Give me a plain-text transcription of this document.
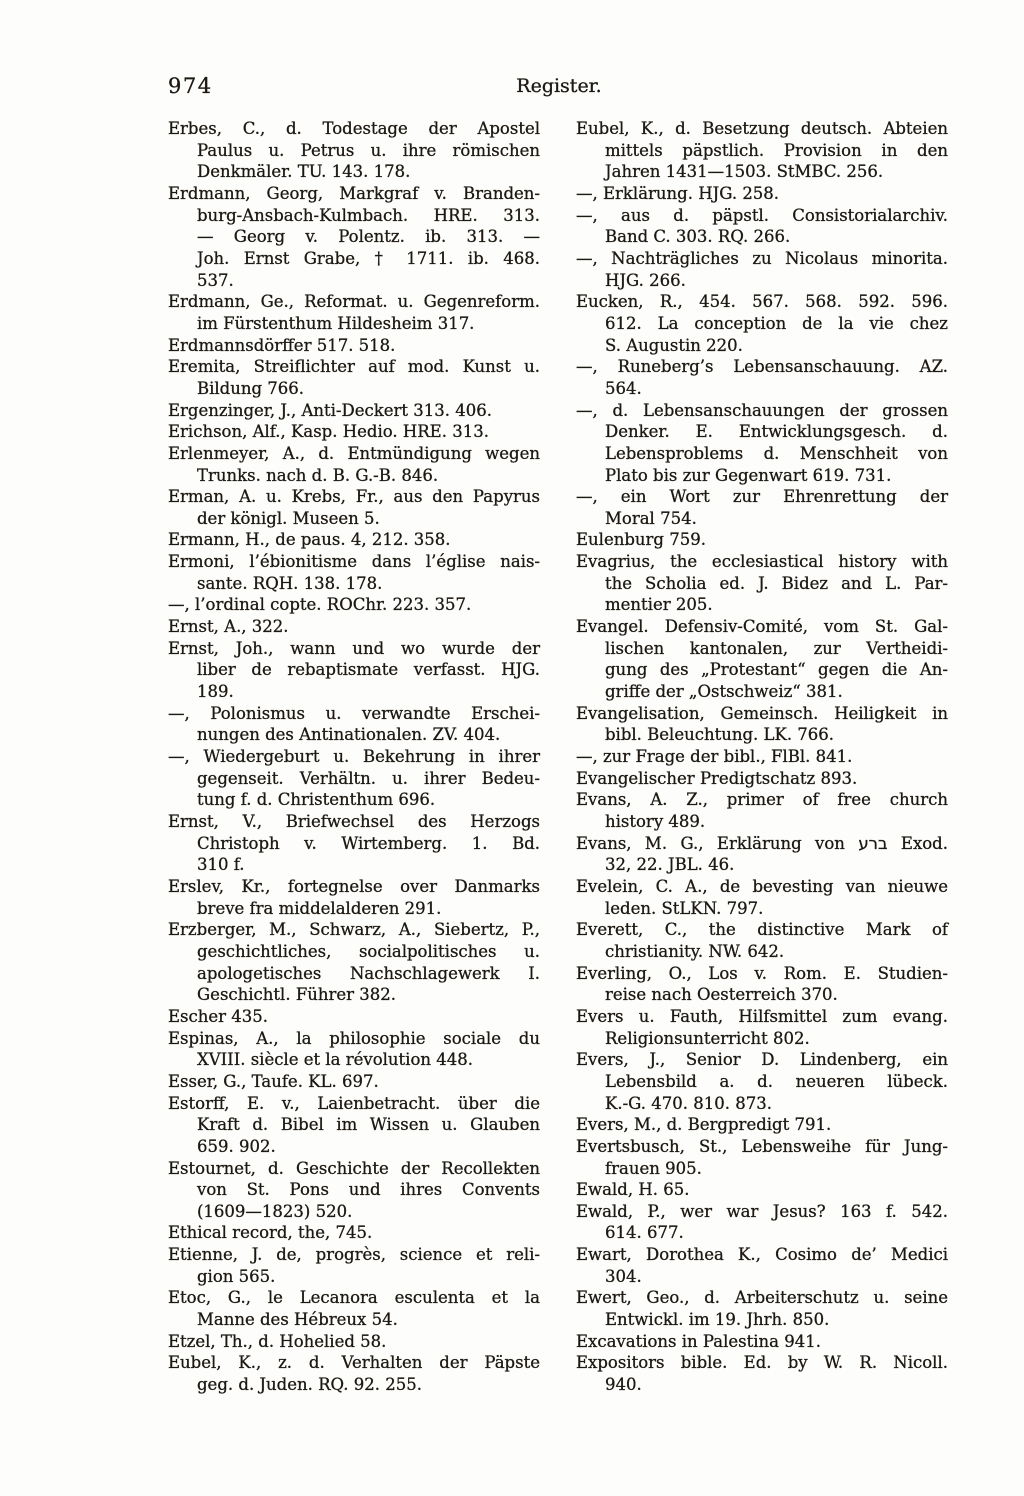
974	Register.
Erbes, C., d. Todestage der Apostel
Paulus u. Petrus u. ihre römischen
Denkmäler. TU. 143. 178.
Erdmann, Georg, Markgraf v. Branden-
burg-Ansbach-Kulmbach. HRE. 313.
— Georg v. Polentz. ib. 313. —
Joh. Ernst Grabe, † 1711. ib. 468.
537.
Erdmann, Ge., Reformat. u. Gegenreform.
im Fürstenthum Hildesheim 317.
Erdmannsdörffer 517. 518.
Eremita, Streiflichter auf mod. Kunst u.
Bildung 766.
Ergenzinger, J., Anti-Deckert 313. 406.
Erichson, Alf., Kasp. Hedio. HRE. 313.
Erlenmeyer, A., d. Entmündigung wegen
Trunks. nach d. B. G.-B. 846.
Erman, A. u. Krebs, Fr., aus den Papyrus
der königl. Museen 5.
Ermann, H., de paus. 4, 212. 358.
Ermoni, l’ébionitisme dans l’église nais-
sante. RQH. 138. 178.
—, l’ordinal copte. ROChr. 223. 357.
Ernst, A., 322.
Ernst, Joh., wann und wo wurde der
liber de rebaptismate verfasst. HJG.
189.
—, Polonismus u. verwandte Erschei-
nungen des Antinationalen. ZV. 404.
—, Wiedergeburt u. Bekehrung in ihrer
gegenseit. Verhältn. u. ihrer Bedeu-
tung f. d. Christenthum 696.
Ernst, V., Briefwechsel des Herzogs
Christoph v. Wirtemberg. 1. Bd.
310 f.
Erslev, Kr., fortegnelse over Danmarks
breve fra middelalderen 291.
Erzberger, M., Schwarz, A., Siebertz, P.,
geschichtliches, socialpolitisches u.
apologetisches Nachschlagewerk I.
Geschichtl. Führer 382.
Escher 435.
Espinas, A., la philosophie sociale du
XVIII. siècle et la révolution 448.
Esser, G., Taufe. KL. 697.
Estorff, E. v., Laienbetracht. über die
Kraft d. Bibel im Wissen u. Glauben
659. 902.
Estournet, d. Geschichte der Recollekten
von St. Pons und ihres Convents
(1609—1823) 520.
Ethical record, the, 745.
Etienne, J. de, progrès, science et reli-
gion 565.
Etoc, G., le Lecanora esculenta et la
Manne des Hébreux 54.
Etzel, Th., d. Hohelied 58.
Eubel, K., z. d. Verhalten der Päpste
geg. d. Juden. RQ. 92. 255.
Eubel, K., d. Besetzung deutsch. Abteien
mittels päpstlich. Provision in den
Jahren 1431—1503. StMBC. 256.
—, Erklärung. HJG. 258.
—, aus d. päpstl. Consistorialarchiv.
Band C. 303. RQ. 266.
—, Nachträgliches zu Nicolaus minorita.
HJG. 266.
Eucken, R., 454. 567. 568. 592. 596.
612. La conception de la vie chez
S. Augustin 220.
—, Runeberg’s Lebensanschauung. AZ.
564.
—, d. Lebensanschauungen der grossen
Denker. E. Entwicklungsgesch. d.
Lebensproblems d. Menschheit von
Plato bis zur Gegenwart 619. 731.
—, ein Wort zur Ehrenrettung der
Moral 754.
Eulenburg 759.
Evagrius, the ecclesiastical history with
the Scholia ed. J. Bidez and L. Par-
mentier 205.
Evangel. Defensiv-Comité, vom St. Gal-
lischen kantonalen, zur Vertheidi-
gung des „Protestant“ gegen die An-
griffe der „Ostschweiz“ 381.
Evangelisation, Gemeinsch. Heiligkeit in
bibl. Beleuchtung. LK. 766.
—, zur Frage der bibl., FlBl. 841.
Evangelischer Predigtschatz 893.
Evans, A. Z., primer of free church
history 489.
Evans, M. G., Erklärung von ברע Exod.
32, 22. JBL. 46.
Evelein, C. A., de bevesting van nieuwe
leden. StLKN. 797.
Everett, C., the distinctive Mark of
christianity. NW. 642.
Everling, O., Los v. Rom. E. Studien-
reise nach Oesterreich 370.
Evers u. Fauth, Hilfsmittel zum evang.
Religionsunterricht 802.
Evers, J., Senior D. Lindenberg, ein
Lebensbild a. d. neueren lübeck.
K.-G. 470. 810. 873.
Evers, M., d. Bergpredigt 791.
Evertsbusch, St., Lebensweihe für Jung-
frauen 905.
Ewald, H. 65.
Ewald, P., wer war Jesus? 163 f. 542.
614. 677.
Ewart, Dorothea K., Cosimo de’ Medici
304.
Ewert, Geo., d. Arbeiterschutz u. seine
Entwickl. im 19. Jhrh. 850.
Excavations in Palestina 941.
Expositors bible. Ed. by W. R. Nicoll.
940.
